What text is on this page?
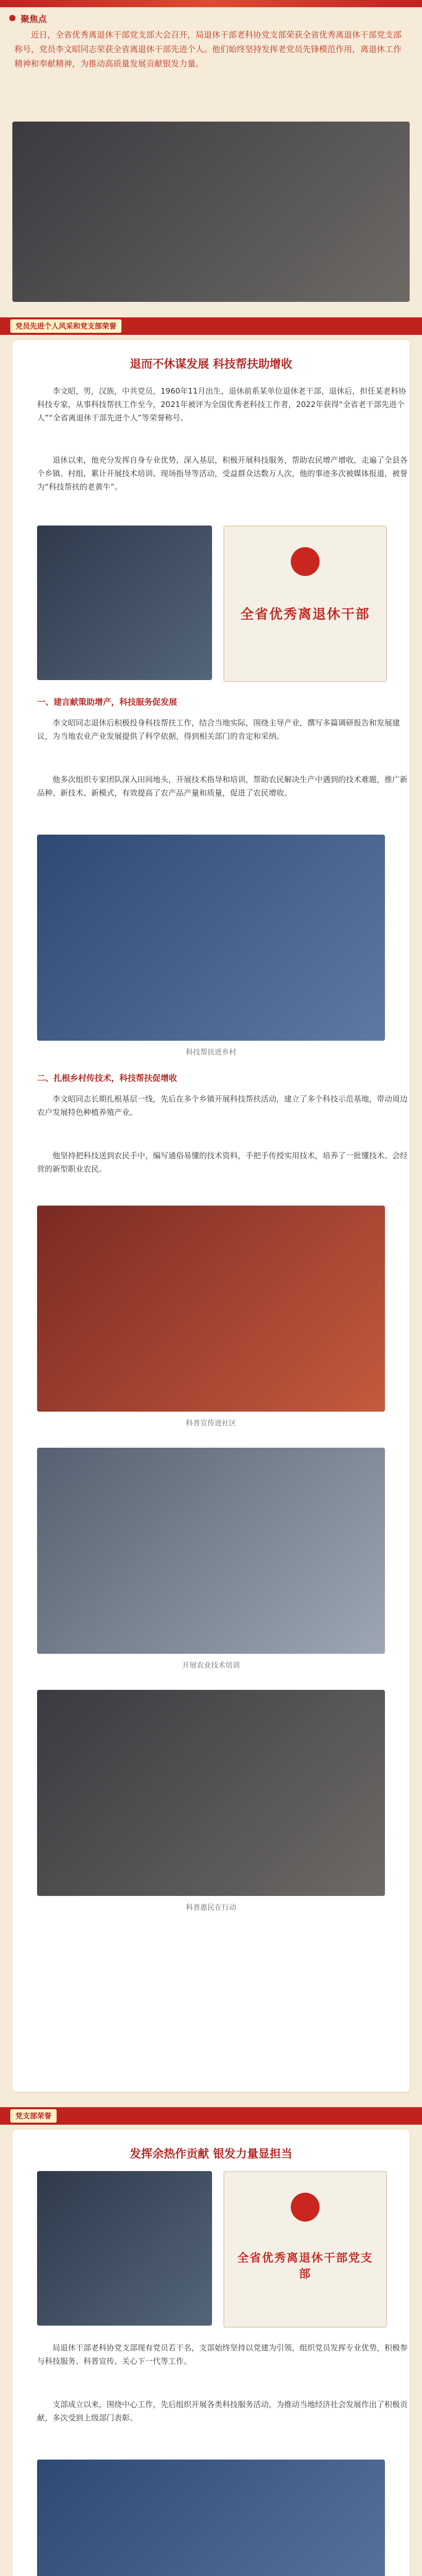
聚焦点
近日，全省优秀离退休干部党支部大会召开，局退休干部老科协党支部荣获全省优秀离退休干部党支部称号，党员李文昭同志荣获全省离退休干部先进个人。他们始终坚持发挥老党员先锋模范作用，离退休工作精神和奉献精神，为推动高质量发展贡献银发力量。

党员先进个人风采和党支部荣誉
退而不休谋发展 科技帮扶助增收
李文昭，男，汉族，中共党员，1960年11月出生，退休前系某单位退休老干部，退休后，担任某老科协科技专家，从事科技帮扶工作至今，2021年被评为全国优秀老科技工作者，2022年获得“全省老干部先进个人”“全省离退休干部先进个人”等荣誉称号。
退休以来，他充分发挥自身专业优势，深入基层，积极开展科技服务，帮助农民增产增收，走遍了全县各个乡镇、村组，累计开展技术培训、现场指导等活动，受益群众达数万人次，他的事迹多次被媒体报道，被誉为“科技帮扶的老黄牛”。
全省优秀离退休干部
一、建言献策助增产，科技服务促发展
李文昭同志退休后积极投身科技帮扶工作，结合当地实际，围绕主导产业，撰写多篇调研报告和发展建议，为当地农业产业发展提供了科学依据，得到相关部门的肯定和采纳。
他多次组织专家团队深入田间地头，开展技术指导和培训，帮助农民解决生产中遇到的技术难题，推广新品种、新技术、新模式，有效提高了农产品产量和质量，促进了农民增收。
科技帮扶进乡村
二、扎根乡村传技术，科技帮扶促增收
李文昭同志长期扎根基层一线，先后在多个乡镇开展科技帮扶活动，建立了多个科技示范基地，带动周边农户发展特色种植养殖产业。
他坚持把科技送到农民手中，编写通俗易懂的技术资料，手把手传授实用技术，培养了一批懂技术、会经营的新型职业农民。
科普宣传进社区
开展农业技术培训
科普惠民在行动
党支部荣誉
发挥余热作贡献 银发力量显担当
全省优秀离退休干部党支部
局退休干部老科协党支部现有党员若干名，支部始终坚持以党建为引领，组织党员发挥专业优势，积极参与科技服务、科普宣传、关心下一代等工作。
支部成立以来，围绕中心工作，先后组织开展各类科技服务活动，为推动当地经济社会发展作出了积极贡献，多次受到上级部门表彰。
